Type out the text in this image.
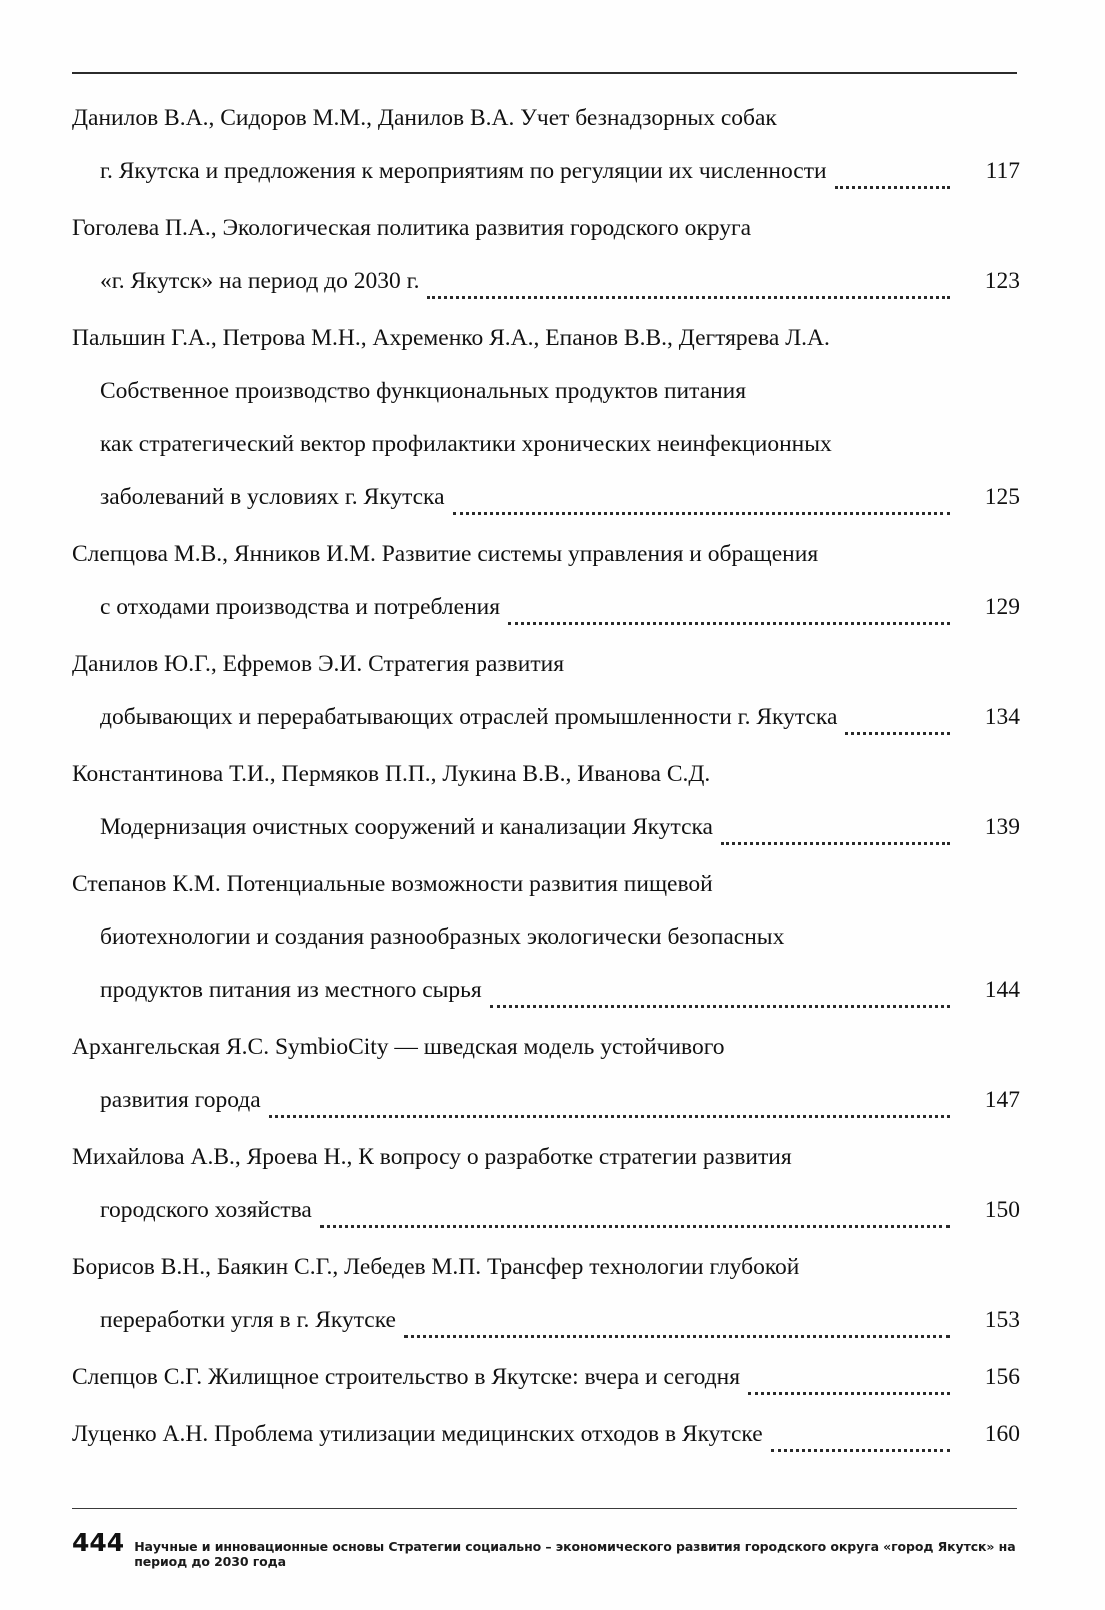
Данилов В.А., Сидоров М.М., Данилов В.А. Учет безнадзорных собак
г. Якутска и предложения к мероприятиям по регуляции их численности	117
Гоголева П.А., Экологическая политика развития городского округа
«г. Якутск» на период до 2030 г.	123
Пальшин Г.А., Петрова М.Н., Ахременко Я.А., Епанов В.В., Дегтярева Л.А.
Собственное производство функциональных продуктов питания
как стратегический вектор профилактики хронических неинфекционных
заболеваний в условиях г. Якутска	125
Слепцова М.В., Янников И.М. Развитие системы управления и обращения
с отходами производства и потребления	129
Данилов Ю.Г., Ефремов Э.И. Стратегия развития
добывающих и перерабатывающих отраслей промышленности г. Якутска	134
Константинова Т.И., Пермяков П.П., Лукина В.В., Иванова С.Д.
Модернизация очистных сооружений и канализации Якутска	139
Степанов К.М. Потенциальные возможности развития пищевой
биотехнологии и создания разнообразных экологически безопасных
продуктов питания из местного сырья	144
Архангельская Я.С. SymbioCity — шведская модель устойчивого
развития города	147
Михайлова А.В., Яроева Н., К вопросу о разработке стратегии развития
городского хозяйства	150
Борисов В.Н., Баякин С.Г., Лебедев М.П. Трансфер технологии глубокой
переработки угля в г. Якутске	153
Слепцов С.Г. Жилищное строительство в Якутске: вчера и сегодня	156
Луценко А.Н. Проблема утилизации медицинских отходов в Якутске	160
444 Научные и инновационные основы Стратегии социально – экономического развития городского округа «город Якутск» на период до 2030 года
